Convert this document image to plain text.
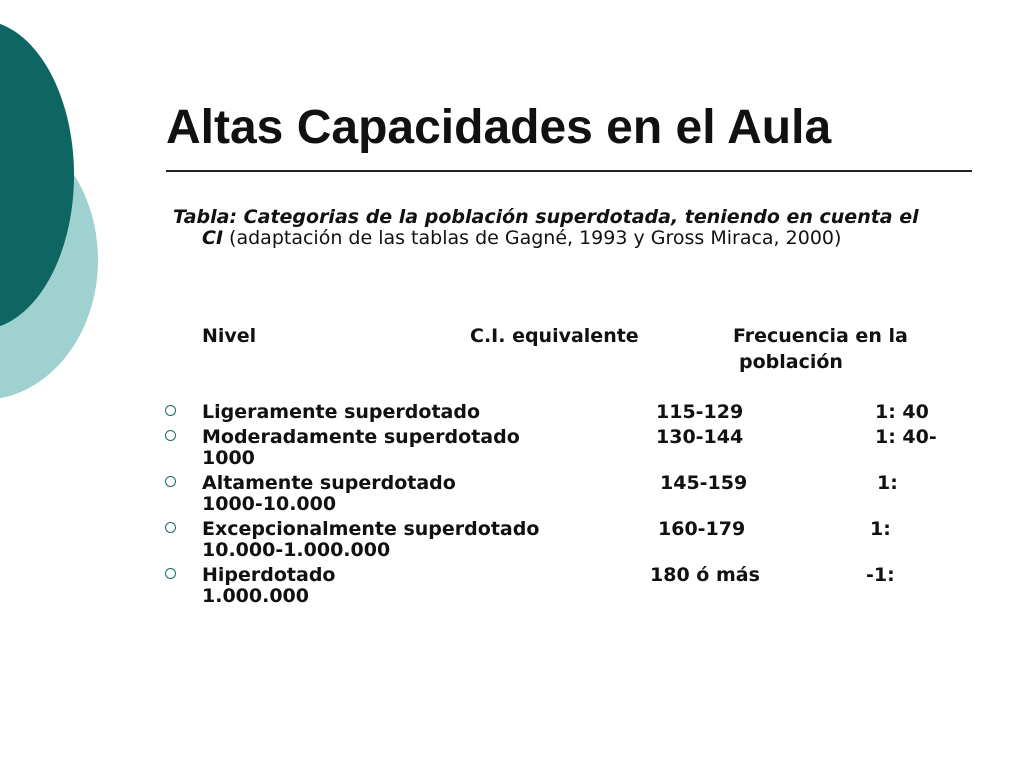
Altas Capacidades en el Aula
Tabla: Categorias de la población superdotada, teniendo en cuenta el CI (adaptación de las tablas de Gagné, 1993 y Gross Miraca, 2000)
Nivel	C.I. equivalente	Frecuencia en la
población
Ligeramente superdotado	115-129	1: 40
Moderadamente superdotado	130-144	1: 40-
1000
Altamente superdotado	145-159	1:
1000-10.000
Excepcionalmente superdotado	160-179	1:
10.000-1.000.000
Hiperdotado	180 ó más	-1:
1.000.000
